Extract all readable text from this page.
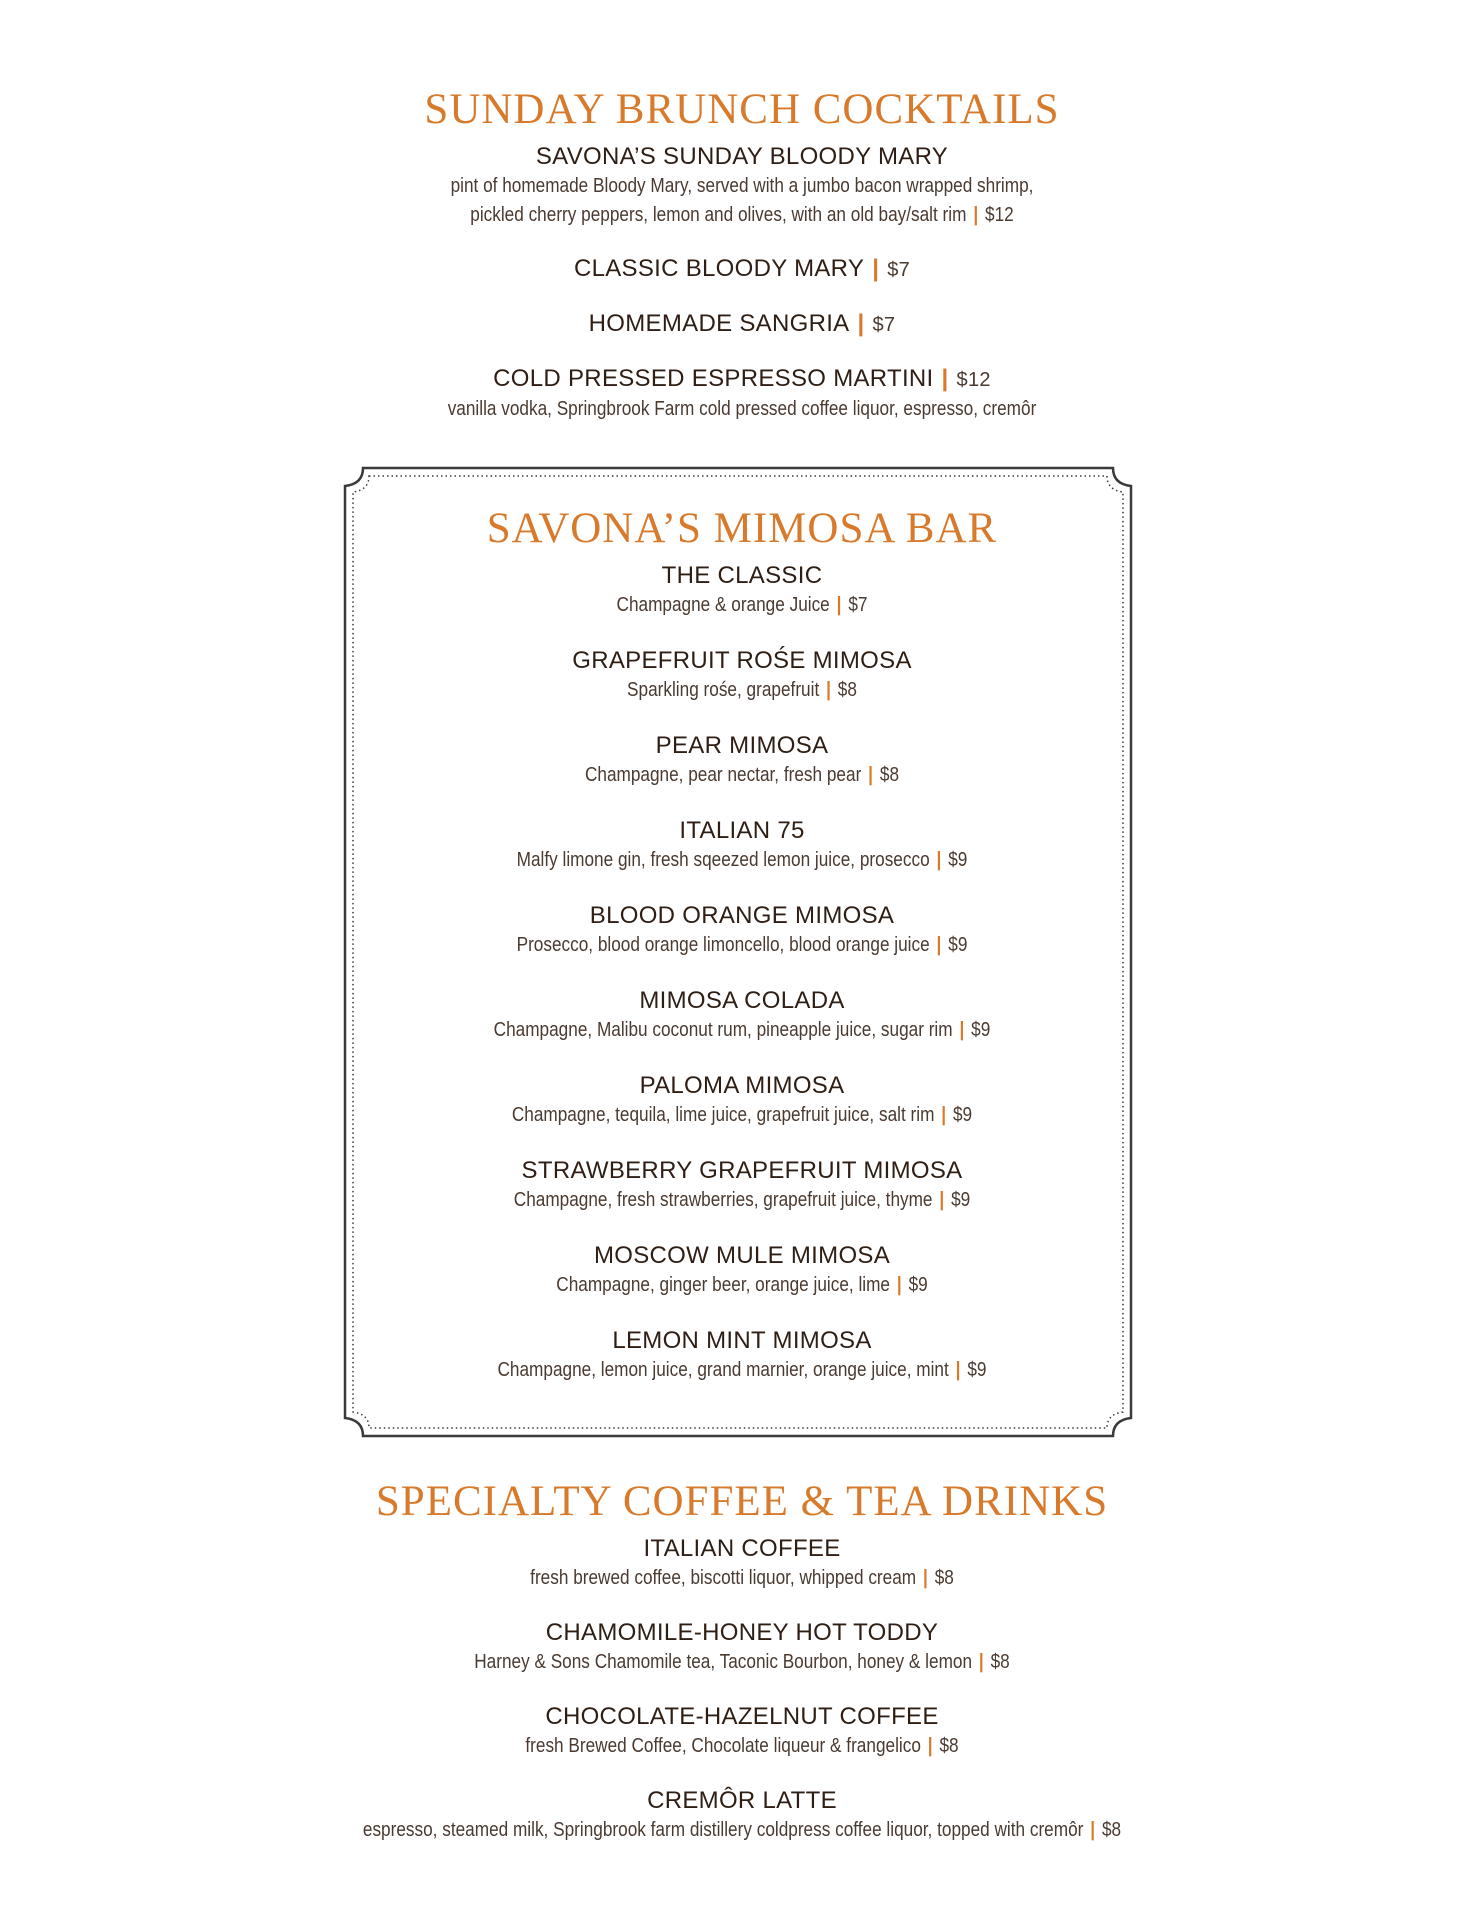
SUNDAY BRUNCH COCKTAILS
SAVONA’S SUNDAY BLOODY MARY
pint of homemade Bloody Mary, served with a jumbo bacon wrapped shrimp,
pickled cherry peppers, lemon and olives, with an old bay/salt rim | $12
CLASSIC BLOODY MARY | $7
HOMEMADE SANGRIA | $7
COLD PRESSED ESPRESSO MARTINI | $12
vanilla vodka, Springbrook Farm cold pressed coffee liquor, espresso, cremôr
SAVONA’S MIMOSA BAR
THE CLASSIC
Champagne & orange Juice | $7
GRAPEFRUIT ROŚE MIMOSA
Sparkling rośe, grapefruit | $8
PEAR MIMOSA
Champagne, pear nectar, fresh pear | $8
ITALIAN 75
Malfy limone gin, fresh sqeezed lemon juice, prosecco | $9
BLOOD ORANGE MIMOSA
Prosecco, blood orange limoncello, blood orange juice | $9
MIMOSA COLADA
Champagne, Malibu coconut rum, pineapple juice, sugar rim | $9
PALOMA MIMOSA
Champagne, tequila, lime juice, grapefruit juice, salt rim | $9
STRAWBERRY GRAPEFRUIT MIMOSA
Champagne, fresh strawberries, grapefruit juice, thyme | $9
MOSCOW MULE MIMOSA
Champagne, ginger beer, orange juice, lime | $9
LEMON MINT MIMOSA
Champagne, lemon juice, grand marnier, orange juice, mint | $9
SPECIALTY COFFEE & TEA DRINKS
ITALIAN COFFEE
fresh brewed coffee, biscotti liquor, whipped cream | $8
CHAMOMILE-HONEY HOT TODDY
Harney & Sons Chamomile tea, Taconic Bourbon, honey & lemon | $8
CHOCOLATE-HAZELNUT COFFEE
fresh Brewed Coffee, Chocolate liqueur & frangelico | $8
CREMÔR LATTE
espresso, steamed milk, Springbrook farm distillery coldpress coffee liquor, topped with cremôr | $8
